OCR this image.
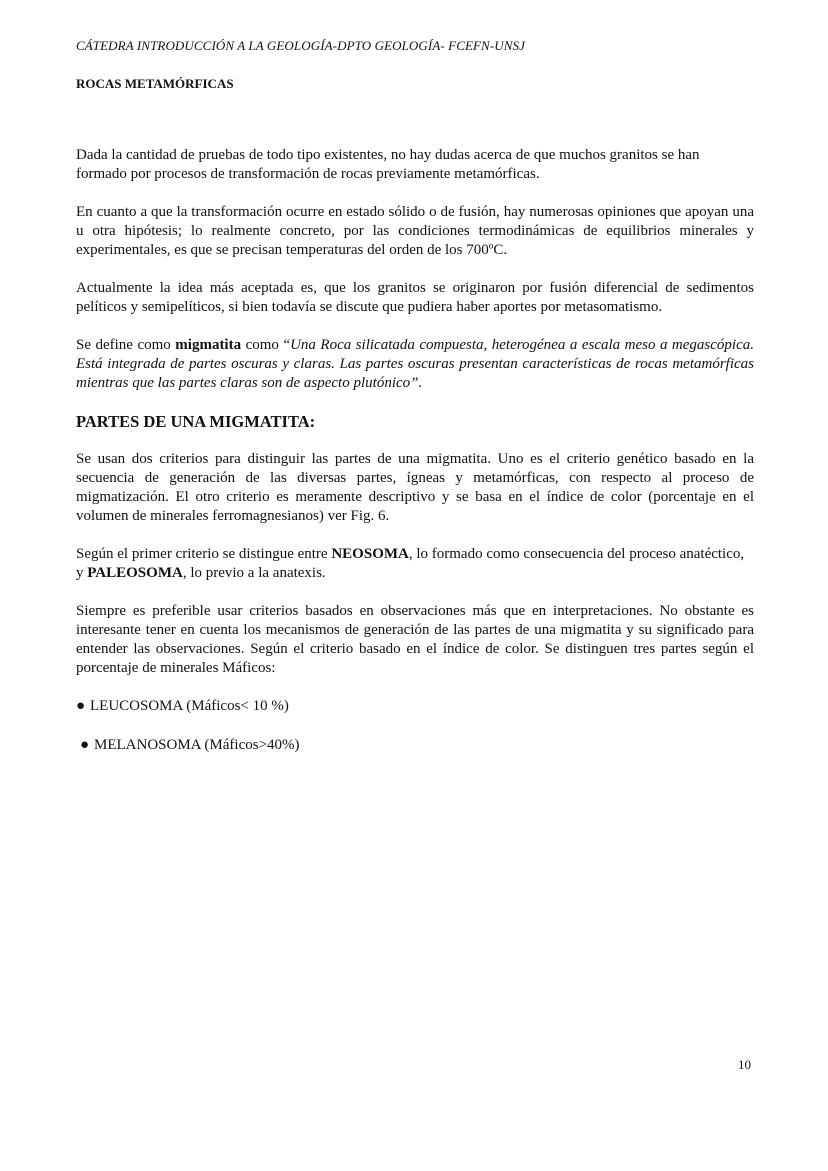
CÁTEDRA INTRODUCCIÓN A LA GEOLOGÍA-DPTO GEOLOGÍA- FCEFN-UNSJ
ROCAS METAMÓRFICAS

Dada la cantidad de pruebas de todo tipo existentes, no hay dudas acerca de que muchos granitos se han formado por procesos de transformación de rocas previamente metamórficas.

En cuanto a que la transformación ocurre en estado sólido o de fusión, hay numerosas opiniones que apoyan una u otra hipótesis; lo realmente concreto, por las condiciones termodinámicas de equilibrios minerales y experimentales, es que se precisan temperaturas del orden de los 700ºC.

Actualmente la idea más aceptada es, que los granitos se originaron por fusión diferencial de sedimentos pelíticos y semipelíticos, si bien todavía se discute que pudiera haber aportes por metasomatismo.

Se define como migmatita como “Una Roca silicatada compuesta, heterogénea a escala meso a megascópica. Está integrada de partes oscuras y claras. Las partes oscuras presentan características de rocas metamórficas mientras que las partes claras son de aspecto plutónico”.

PARTES DE UNA MIGMATITA:

Se usan dos criterios para distinguir las partes de una migmatita. Uno es el criterio genético basado en la secuencia de generación de las diversas partes, ígneas y metamórficas, con respecto al proceso de migmatización. El otro criterio es meramente descriptivo y se basa en el índice de color (porcentaje en el volumen de minerales ferromagnesianos) ver Fig. 6.

Según el primer criterio se distingue entre NEOSOMA, lo formado como consecuencia del proceso anatéctico, y PALEOSOMA, lo previo a la anatexis.

Siempre es preferible usar criterios basados en observaciones más que en interpretaciones. No obstante es interesante tener en cuenta los mecanismos de generación de las partes de una migmatita y su significado para entender las observaciones. Según el criterio basado en el índice de color. Se distinguen tres partes según el porcentaje de minerales Máficos:

● LEUCOSOMA (Máficos< 10 %)
● MELANOSOMA (Máficos>40%)
10
